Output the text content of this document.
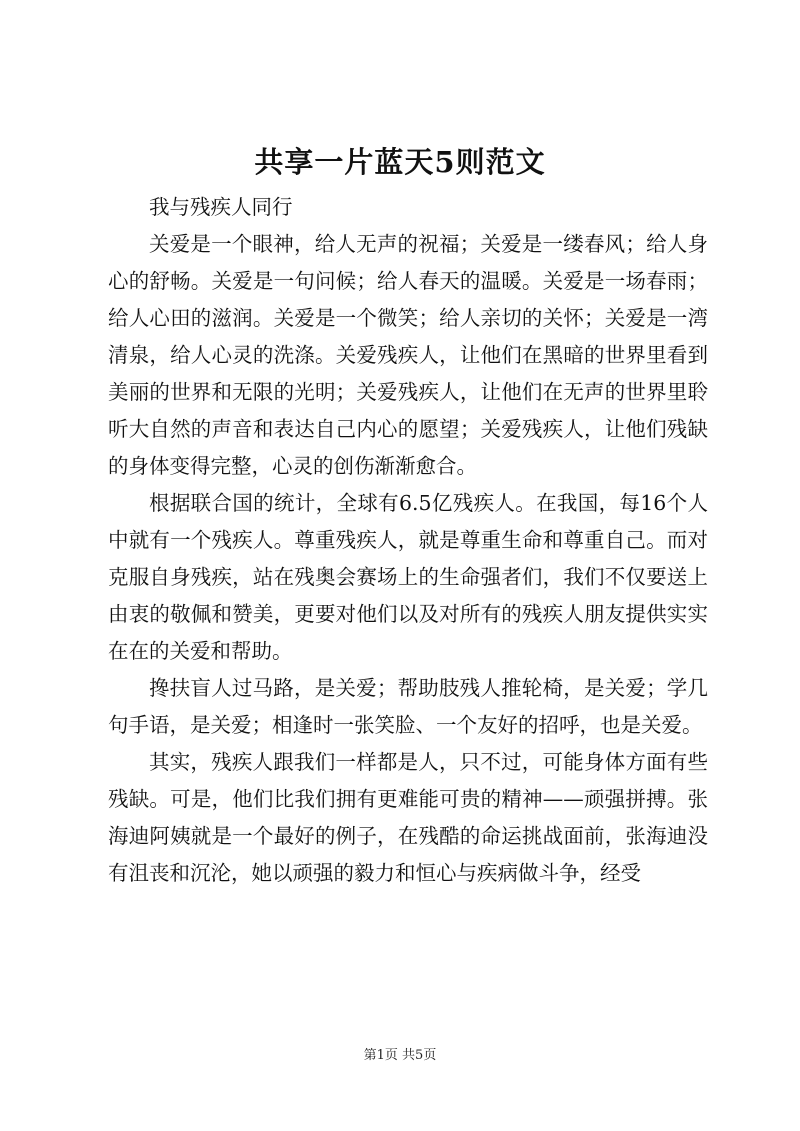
共享一片蓝天5则范文

我与残疾人同行

关爱是一个眼神，给人无声的祝福；关爱是一缕春风；给人身心的舒畅。关爱是一句问候；给人春天的温暖。关爱是一场春雨；给人心田的滋润。关爱是一个微笑；给人亲切的关怀；关爱是一湾清泉，给人心灵的洗涤。关爱残疾人，让他们在黑暗的世界里看到美丽的世界和无限的光明；关爱残疾人，让他们在无声的世界里聆听大自然的声音和表达自己内心的愿望；关爱残疾人，让他们残缺的身体变得完整，心灵的创伤渐渐愈合。

根据联合国的统计，全球有6.5亿残疾人。在我国，每16个人中就有一个残疾人。尊重残疾人，就是尊重生命和尊重自己。而对克服自身残疾，站在残奥会赛场上的生命强者们，我们不仅要送上由衷的敬佩和赞美，更要对他们以及对所有的残疾人朋友提供实实在在的关爱和帮助。

搀扶盲人过马路，是关爱；帮助肢残人推轮椅，是关爱；学几句手语，是关爱；相逢时一张笑脸、一个友好的招呼，也是关爱。

其实，残疾人跟我们一样都是人，只不过，可能身体方面有些残缺。可是，他们比我们拥有更难能可贵的精神——顽强拼搏。张海迪阿姨就是一个最好的例子，在残酷的命运挑战面前，张海迪没有沮丧和沉沦，她以顽强的毅力和恒心与疾病做斗争，经受

第1页 共5页
